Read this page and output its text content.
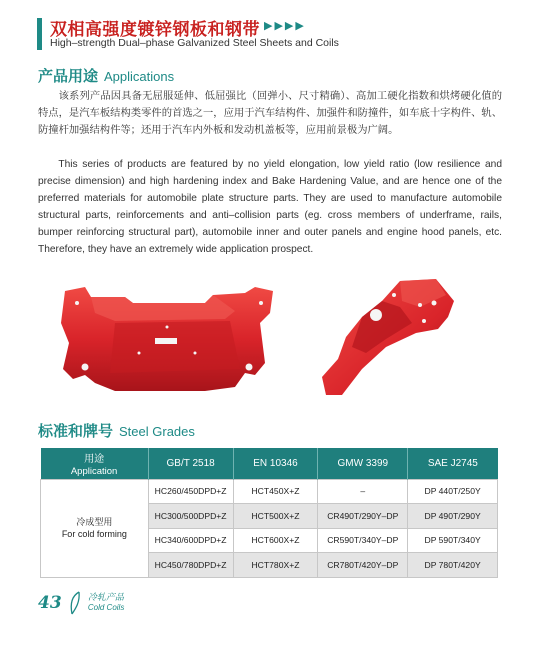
双相高强度镀锌钢板和钢带 ▶▶▶▶
High–strength Dual–phase Galvanized Steel Sheets and Coils
产品用途 Applications

该系列产品因具备无屈服延伸、低屈强比（回弹小、尺寸精确）、高加工硬化指数和烘烤硬化值的特点，是汽车板结构类零件的首选之一，应用于汽车结构件、加强件和防撞件，如车底十字构件、轨、防撞杆加强结构件等；还用于汽车内外板和发动机盖板等，应用前景极为广阔。

This series of products are featured by no yield elongation, low yield ratio (low resilience and precise dimension) and high hardening index and Bake Hardening Value, and are hence one of the preferred materials for automobile plate structure parts. They are used to manufacture automobile structural parts, reinforcements and anti–collision parts (eg. cross members of underframe, rails, bumper reinforcing structural part), automobile inner and outer panels and engine hood panels, etc. Therefore, they have an extremely wide application prospect.

标准和牌号 Steel Grades
用途
Application	GB/T 2518	EN 10346	GMW 3399	SAE J2745
冷成型用
For cold forming	HC260/450DPD+Z	HCT450X+Z	–	DP 440T/250Y
	HC300/500DPD+Z	HCT500X+Z	CR490T/290Y–DP	DP 490T/290Y
	HC340/600DPD+Z	HCT600X+Z	CR590T/340Y–DP	DP 590T/340Y
	HC450/780DPD+Z	HCT780X+Z	CR780T/420Y–DP	DP 780T/420Y
43	冷轧产品
Cold Coils
